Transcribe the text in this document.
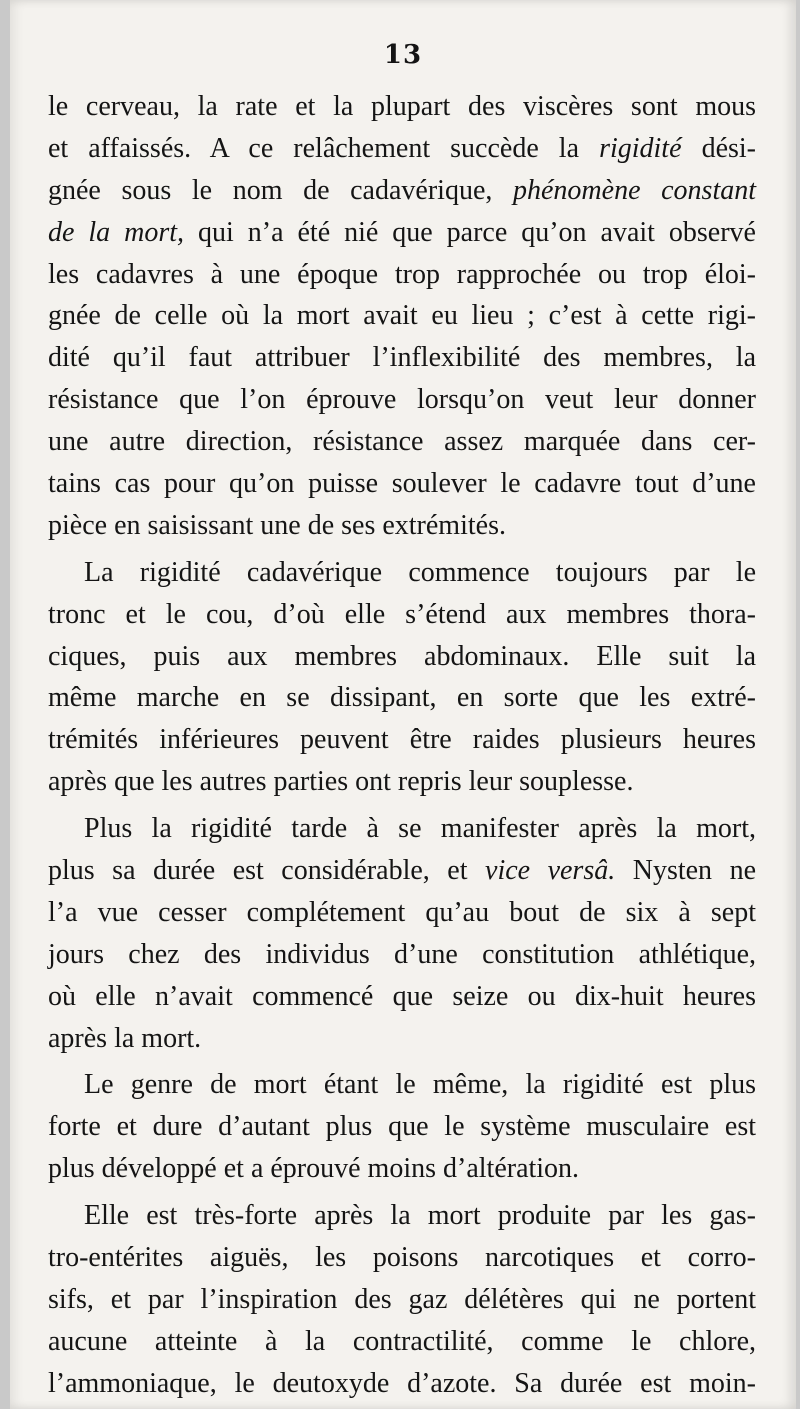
13
le cerveau, la rate et la plupart des viscères sont mous
et affaissés. A ce relâchement succède la rigidité dési-
gnée sous le nom de cadavérique, phénomène constant
de la mort, qui n’a été nié que parce qu’on avait observé
les cadavres à une époque trop rapprochée ou trop éloi-
gnée de celle où la mort avait eu lieu ; c’est à cette rigi-
dité qu’il faut attribuer l’inflexibilité des membres, la
résistance que l’on éprouve lorsqu’on veut leur donner
une autre direction, résistance assez marquée dans cer-
tains cas pour qu’on puisse soulever le cadavre tout d’une
pièce en saisissant une de ses extrémités.
La rigidité cadavérique commence toujours par le
tronc et le cou, d’où elle s’étend aux membres thora-
ciques, puis aux membres abdominaux. Elle suit la
même marche en se dissipant, en sorte que les extré-
trémités inférieures peuvent être raides plusieurs heures
après que les autres parties ont repris leur souplesse.
Plus la rigidité tarde à se manifester après la mort,
plus sa durée est considérable, et vice versâ. Nysten ne
l’a vue cesser complétement qu’au bout de six à sept
jours chez des individus d’une constitution athlétique,
où elle n’avait commencé que seize ou dix-huit heures
après la mort.
Le genre de mort étant le même, la rigidité est plus
forte et dure d’autant plus que le système musculaire est
plus développé et a éprouvé moins d’altération.
Elle est très-forte après la mort produite par les gas-
tro-entérites aiguës, les poisons narcotiques et corro-
sifs, et par l’inspiration des gaz délétères qui ne portent
aucune atteinte à la contractilité, comme le chlore,
l’ammoniaque, le deutoxyde d’azote. Sa durée est moin-
